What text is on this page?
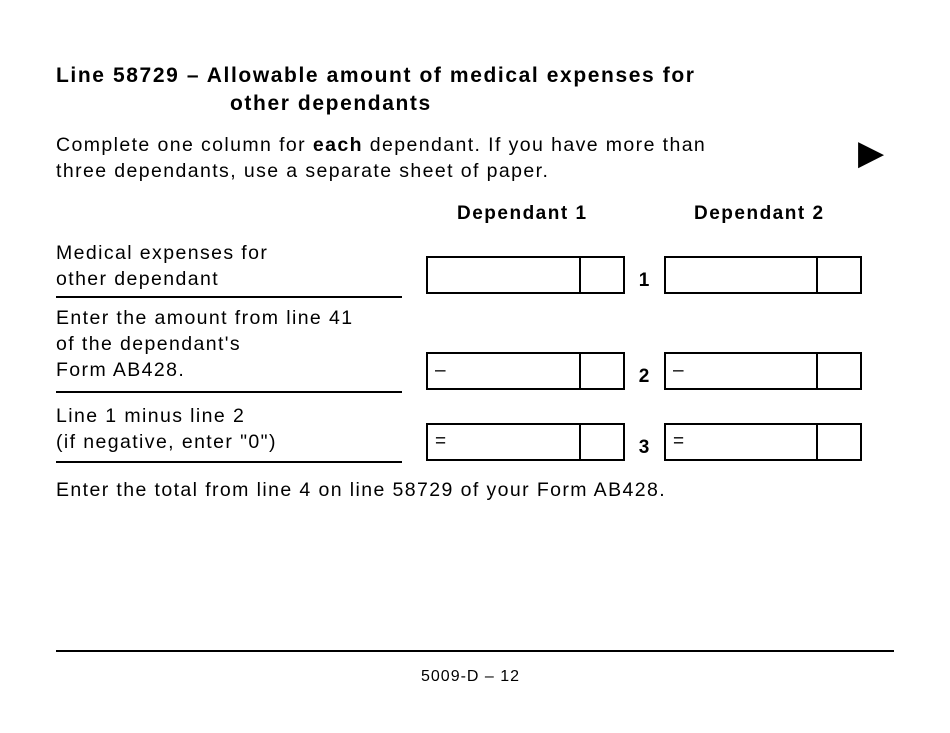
Line 58729 – Allowable amount of medical expenses for
other dependants
Complete one column for each dependant. If you have more than
three dependants, use a separate sheet of paper.	▶
Dependant 1	Dependant 2
Medical expenses for
other dependant	1
Enter the amount from line 41
of the dependant's
Form AB428.	–	2 –
Line 1 minus line 2
(if negative, enter "0")	=	3 =
Enter the total from line 4 on line 58729 of your Form AB428.
5009-D – 12
